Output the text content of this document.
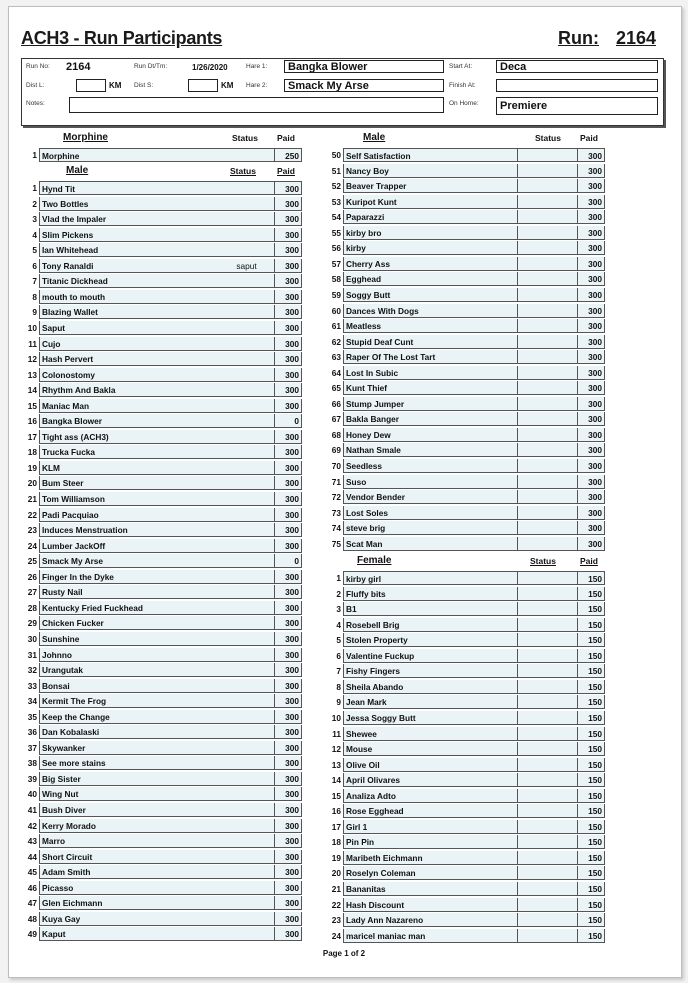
ACH3 - Run Participants	Run: 2164
Run No:	2164	Run Dt/Tm:	1/26/2020	Hare 1:	Bangka Blower	Start At:	Deca
Dist L:	KM Dist S:	KM Hare 2:	Smack My Arse	Finish At:
Notes:	On Home:	Premiere
Morphine	Status Paid
1 Morphine	250
Male	Status Paid
1 Hynd Tit	300
2 Two Bottles	300
3 Vlad the Impaler	300
4 Slim Pickens	300
5 Ian Whitehead	300
6 Tony Ranaldi	saput	300
7 Titanic Dickhead	300
8 mouth to mouth	300
9 Blazing Wallet	300
10 Saput	300
11 Cujo	300
12 Hash Pervert	300
13 Colonostomy	300
14 Rhythm And Bakla	300
15 Maniac Man	300
16 Bangka Blower	0
17 Tight ass (ACH3)	300
18 Trucka Fucka	300
19 KLM	300
20 Bum Steer	300
21 Tom Williamson	300
22 Padi Pacquiao	300
23 Induces Menstruation	300
24 Lumber JackOff	300
25 Smack My Arse	0
26 Finger In the Dyke	300
27 Rusty Nail	300
28 Kentucky Fried Fuckhead	300
29 Chicken Fucker	300
30 Sunshine	300
31 Johnno	300
32 Urangutak	300
33 Bonsai	300
34 Kermit The Frog	300
35 Keep the Change	300
36 Dan Kobalaski	300
37 Skywanker	300
38 See more stains	300
39 Big Sister	300
40 Wing Nut	300
41 Bush Diver	300
42 Kerry Morado	300
43 Marro	300
44 Short Circuit	300
45 Adam Smith	300
46 Picasso	300
47 Glen Eichmann	300
48 Kuya Gay	300
49 Kaput	300
Male	Status Paid
50 Self Satisfaction	300
51 Nancy Boy	300
52 Beaver Trapper	300
53 Kuripot Kunt	300
54 Paparazzi	300
55 kirby bro	300
56 kirby	300
57 Cherry Ass	300
58 Egghead	300
59 Soggy Butt	300
60 Dances With Dogs	300
61 Meatless	300
62 Stupid Deaf Cunt	300
63 Raper Of The Lost Tart	300
64 Lost In Subic	300
65 Kunt Thief	300
66 Stump Jumper	300
67 Bakla Banger	300
68 Honey Dew	300
69 Nathan Smale	300
70 Seedless	300
71 Suso	300
72 Vendor Bender	300
73 Lost Soles	300
74 steve brig	300
75 Scat Man	300
Female	Status	Paid
1 kirby girl	150
2 Fluffy bits	150
3 B1	150
4 Rosebell Brig	150
5 Stolen Property	150
6 Valentine Fuckup	150
7 Fishy Fingers	150
8 Sheila Abando	150
9 Jean Mark	150
10 Jessa Soggy Butt	150
11 Shewee	150
12 Mouse	150
13 Olive Oil	150
14 April Olivares	150
15 Analiza Adto	150
16 Rose Egghead	150
17 Girl 1	150
18 Pin Pin	150
19 Maribeth Eichmann	150
20 Roselyn Coleman	150
21 Bananitas	150
22 Hash Discount	150
23 Lady Ann Nazareno	150
24 maricel maniac man	150
Page 1 of 2
